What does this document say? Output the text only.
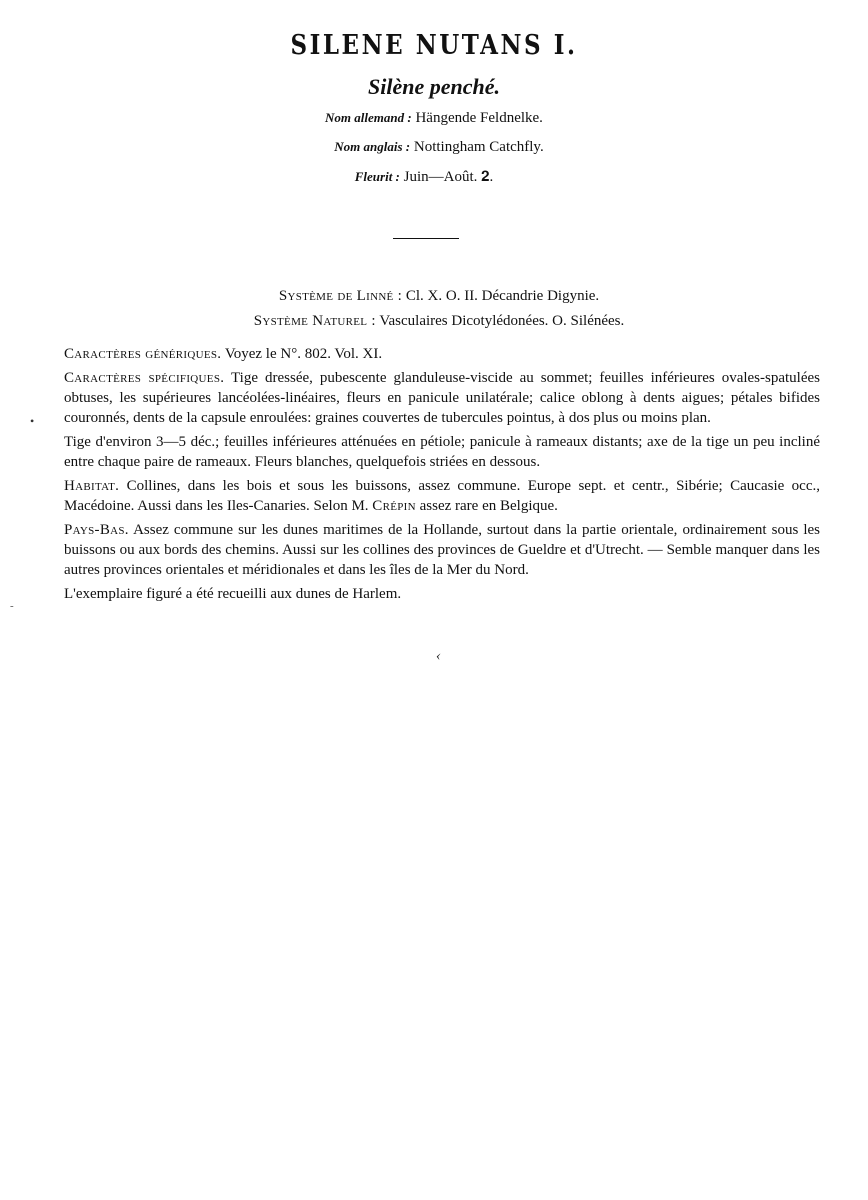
SILENE NUTANS I.
Silène penché.
Nom allemand : Hängende Feldnelke.
Nom anglais : Nottingham Catchfly.
Fleurit : Juin—Août. 𝟐.
Système de Linné : Cl. X. O. II. Décandrie Digynie.
Système Naturel : Vasculaires Dicotylédonées. O. Silénées.

Caractères génériques. Voyez le N°. 802. Vol. XI.

Caractères spécifiques. Tige dressée, pubescente glanduleuse-viscide au sommet; feuilles inférieures ovales-spatulées obtuses, les supérieures lancéolées-linéaires, fleurs en panicule unilatérale; calice oblong à dents aigues; pétales bifides couronnés, dents de la capsule enroulées: graines couvertes de tubercules pointus, à dos plus ou moins plan.

Tige d'environ 3—5 déc.; feuilles inférieures atténuées en pétiole; panicule à rameaux distants; axe de la tige un peu incliné entre chaque paire de rameaux. Fleurs blanches, quelquefois striées en dessous.

Habitat. Collines, dans les bois et sous les buissons, assez commune. Europe sept. et centr., Sibérie; Caucasie occ., Macédoine. Aussi dans les Iles-Canaries. Selon M. Crépin assez rare en Belgique.

Pays-Bas. Assez commune sur les dunes maritimes de la Hollande, surtout dans la partie orientale, ordinairement sous les buissons ou aux bords des chemins. Aussi sur les collines des provinces de Gueldre et d'Utrecht. — Semble manquer dans les autres provinces orientales et méridionales et dans les îles de la Mer du Nord.

L'exemplaire figuré a été recueilli aux dunes de Harlem.

•
-
‹
